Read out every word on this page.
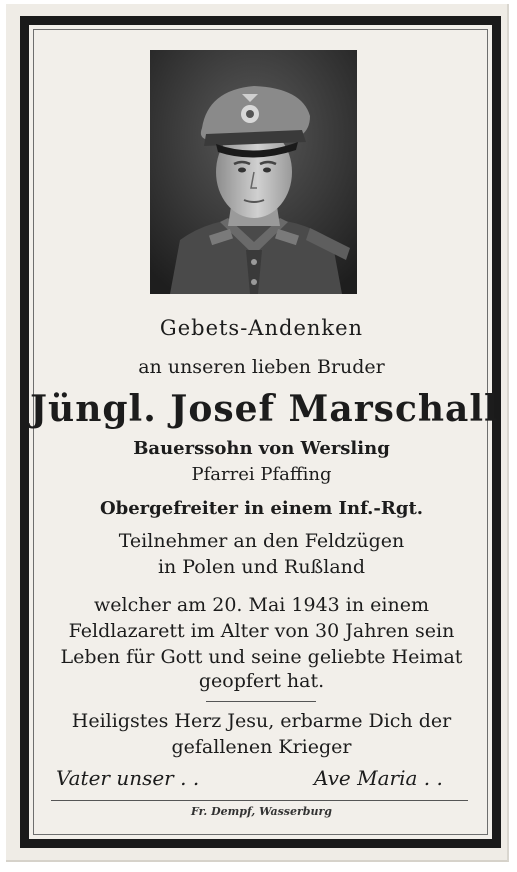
Gebets-Andenken
an unseren lieben Bruder
Jüngl. Josef Marschall
Bauerssohn von Wersling
Pfarrei Pfaffing
Obergefreiter in einem Inf.-Rgt.
Teilnehmer an den Feldzügen
in Polen und Rußland
welcher am 20. Mai 1943 in einem
Feldlazarett im Alter von 30 Jahren sein
Leben für Gott und seine geliebte Heimat
geopfert hat.
Heiligstes Herz Jesu, erbarme Dich der
gefallenen Krieger
Vater unser . .	Ave Maria . .
Fr. Dempf, Wasserburg
